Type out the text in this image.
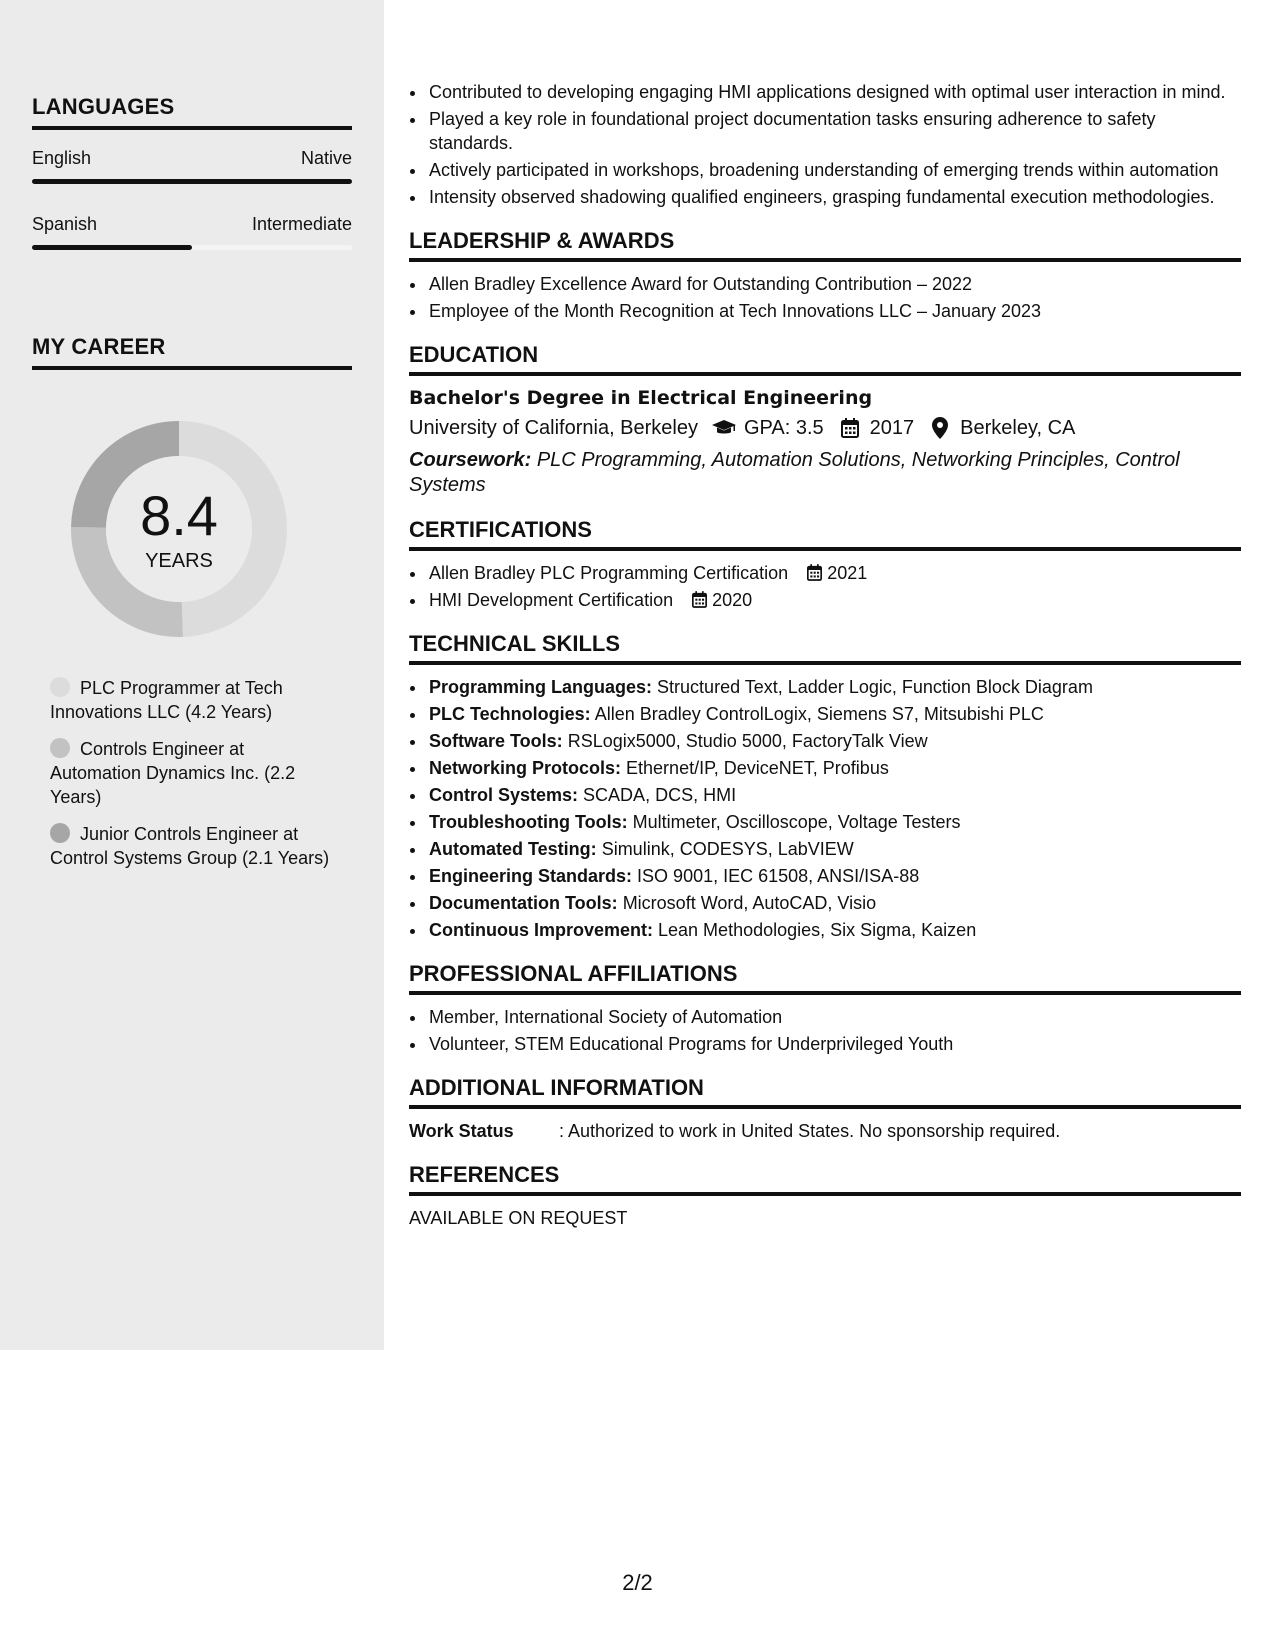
LANGUAGES
English	Native
Spanish	Intermediate
MY CAREER
8.4
YEARS
PLC Programmer at Tech Innovations LLC (4.2 Years)
Controls Engineer at Automation Dynamics Inc. (2.2 Years)
Junior Controls Engineer at Control Systems Group (2.1 Years)
• Contributed to developing engaging HMI applications designed with optimal user interaction in mind.
• Played a key role in foundational project documentation tasks ensuring adherence to safety standards.
• Actively participated in workshops, broadening understanding of emerging trends within automation
• Intensity observed shadowing qualified engineers, grasping fundamental execution methodologies.
LEADERSHIP & AWARDS
• Allen Bradley Excellence Award for Outstanding Contribution – 2022
• Employee of the Month Recognition at Tech Innovations LLC – January 2023
EDUCATION
Bachelor's Degree in Electrical Engineering
University of California, Berkeley GPA: 3.5 2017 Berkeley, CA
Coursework: PLC Programming, Automation Solutions, Networking Principles, Control Systems
CERTIFICATIONS
• Allen Bradley PLC Programming Certification 2021
• HMI Development Certification 2020
TECHNICAL SKILLS
• Programming Languages: Structured Text, Ladder Logic, Function Block Diagram
• PLC Technologies: Allen Bradley ControlLogix, Siemens S7, Mitsubishi PLC
• Software Tools: RSLogix5000, Studio 5000, FactoryTalk View
• Networking Protocols: Ethernet/IP, DeviceNET, Profibus
• Control Systems: SCADA, DCS, HMI
• Troubleshooting Tools: Multimeter, Oscilloscope, Voltage Testers
• Automated Testing: Simulink, CODESYS, LabVIEW
• Engineering Standards: ISO 9001, IEC 61508, ANSI/ISA-88
• Documentation Tools: Microsoft Word, AutoCAD, Visio
• Continuous Improvement: Lean Methodologies, Six Sigma, Kaizen
PROFESSIONAL AFFILIATIONS
• Member, International Society of Automation
• Volunteer, STEM Educational Programs for Underprivileged Youth
ADDITIONAL INFORMATION
Work Status	: Authorized to work in United States. No sponsorship required.
REFERENCES
AVAILABLE ON REQUEST
2/2
